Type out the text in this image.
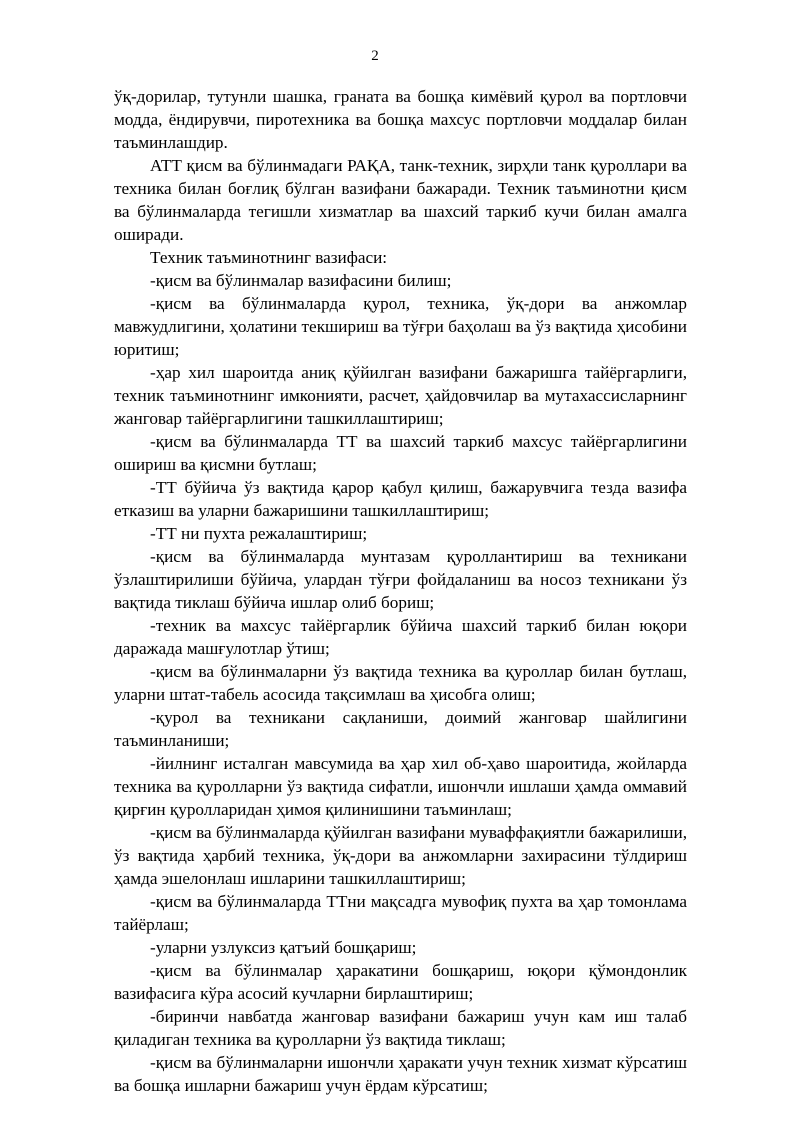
2

ўқ-дорилар, тутунли шашка, граната ва бошқа кимёвий қурол ва портловчи модда, ёндирувчи, пиротехника ва бошқа махсус портловчи моддалар билан таъминлашдир.

АТТ қисм ва бўлинмадаги РАҚА, танк-техник, зирҳли танк қуроллари ва техника билан боғлиқ бўлган вазифани бажаради. Техник таъминотни қисм ва бўлинмаларда тегишли хизматлар ва шахсий таркиб кучи билан амалга оширади.

Техник таъминотнинг вазифаси:

-қисм ва бўлинмалар вазифасини билиш;

-қисм ва бўлинмаларда қурол, техника, ўқ-дори ва анжомлар мавжудлигини, ҳолатини текшириш ва тўғри баҳолаш ва ўз вақтида ҳисобини юритиш;

-ҳар хил шароитда аниқ қўйилган вазифани бажаришга тайёргарлиги, техник таъминотнинг имконияти, расчет, ҳайдовчилар ва мутахассисларнинг жанговар тайёргарлигини ташкиллаштириш;

-қисм ва бўлинмаларда ТТ ва шахсий таркиб махсус тайёргарлигини ошириш ва қисмни бутлаш;

-ТТ бўйича ўз вақтида қарор қабул қилиш, бажарувчига тезда вазифа етказиш ва уларни бажаришини ташкиллаштириш;

-ТТ ни пухта режалаштириш;

-қисм ва бўлинмаларда мунтазам қуроллантириш ва техникани ўзлаштирилиши бўйича, улардан тўғри фойдаланиш ва носоз техникани ўз вақтида тиклаш бўйича ишлар олиб бориш;

-техник ва махсус тайёргарлик бўйича шахсий таркиб билан юқори даражада машғулотлар ўтиш;

-қисм ва бўлинмаларни ўз вақтида техника ва қуроллар билан бутлаш, уларни штат-табель асосида тақсимлаш ва ҳисобга олиш;

-қурол ва техникани сақланиши, доимий жанговар шайлигини таъминланиши;

-йилнинг исталган мавсумида ва ҳар хил об-ҳаво шароитида, жойларда техника ва қуролларни ўз вақтида сифатли, ишончли ишлаши ҳамда оммавий қирғин қуролларидан ҳимоя қилинишини таъминлаш;

-қисм ва бўлинмаларда қўйилган вазифани муваффақиятли бажарилиши, ўз вақтида ҳарбий техника, ўқ-дори ва анжомларни захирасини тўлдириш ҳамда эшелонлаш ишларини ташкиллаштириш;

-қисм ва бўлинмаларда ТТни мақсадга мувофиқ пухта ва ҳар томонлама тайёрлаш;

-уларни узлуксиз қатъий бошқариш;

-қисм ва бўлинмалар ҳаракатини бошқариш, юқори қўмондонлик вазифасига кўра асосий кучларни бирлаштириш;

-биринчи навбатда жанговар вазифани бажариш учун кам иш талаб қиладиган техника ва қуролларни ўз вақтида тиклаш;

-қисм ва бўлинмаларни ишончли ҳаракати учун техник хизмат кўрсатиш ва бошқа ишларни бажариш учун ёрдам кўрсатиш;
